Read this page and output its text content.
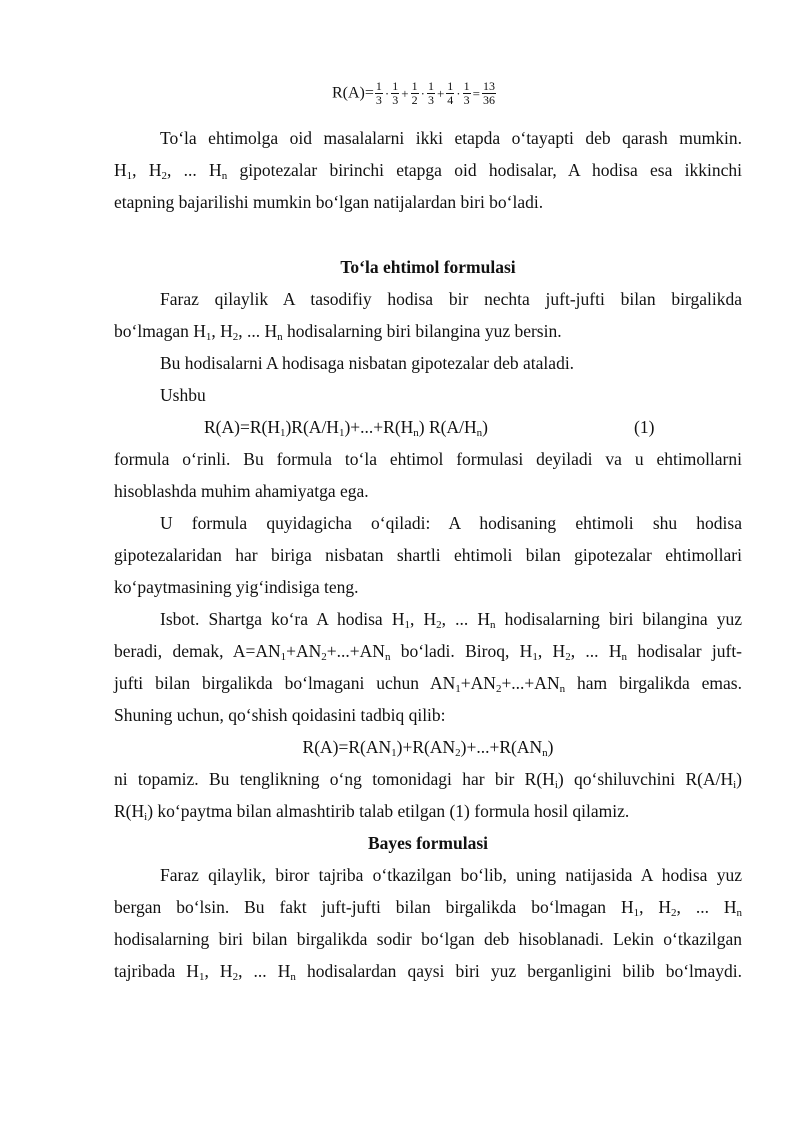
$R(A)= \frac{1}{3} \cdot \frac{1}{3} + \frac{1}{2} \cdot \frac{1}{3} + \frac{1}{4} \cdot \frac{1}{3} = \frac{13}{36}$
To‘la ehtimolga oid masalalarni ikki etapda o‘tayapti deb qarash mumkin.
$H_1$, $H_2$, ... $H_n$ gipotezalar birinchi etapga oid hodisalar, A hodisa esa ikkinchi
etapning bajarilishi mumkin bo‘lgan natijalardan biri bo‘ladi.
To‘la ehtimol formulasi
Faraz qilaylik A tasodifiy hodisa bir nechta juft-jufti bilan birgalikda
bo‘lmagan $H_1$, $H_2$, ... $H_n$ hodisalarning biri bilangina yuz bersin.
Bu hodisalarni A hodisaga nisbatan gipotezalar deb ataladi.
Ushbu
$R(A)=R(H_1)R(A/H_1)+...+R(H_n)$ $R(A/H_n)$	(1)
formula o‘rinli. Bu formula to‘la ehtimol formulasi deyiladi va u ehtimollarni
hisoblashda muhim ahamiyatga ega.
U formula quyidagicha o‘qiladi: A hodisaning ehtimoli shu hodisa
gipotezalaridan har biriga nisbatan shartli ehtimoli bilan gipotezalar ehtimollari
ko‘paytmasining yig‘indisiga teng.
Isbot. Shartga ko‘ra A hodisa $H_1$, $H_2$, ... $H_n$ hodisalarning biri bilangina yuz
beradi, demak, $A=AN_1+AN_2+...+AN_n$ bo‘ladi. Biroq, $H_1$, $H_2$, ... $H_n$ hodisalar juft-
jufti bilan birgalikda bo‘lmagani uchun $AN_1+AN_2+...+AN_n$ ham birgalikda emas.
Shuning uchun, qo‘shish qoidasini tadbiq qilib:
$R(A)=R(AN_1)+R(AN_2)+...+R(AN_n)$
ni topamiz. Bu tenglikning o‘ng tomonidagi har bir $R(H_i)$ qo‘shiluvchini $R(A/H_i)$
$R(H_i)$ ko‘paytma bilan almashtirib talab etilgan (1) formula hosil qilamiz.
Bayes formulasi
Faraz qilaylik, biror tajriba o‘tkazilgan bo‘lib, uning natijasida A hodisa yuz
bergan bo‘lsin. Bu fakt juft-jufti bilan birgalikda bo‘lmagan $H_1$, $H_2$, ... $H_n$
hodisalarning biri bilan birgalikda sodir bo‘lgan deb hisoblanadi. Lekin o‘tkazilgan
tajribada $H_1$, $H_2$, ... $H_n$ hodisalardan qaysi biri yuz berganligini bilib bo‘lmaydi.
